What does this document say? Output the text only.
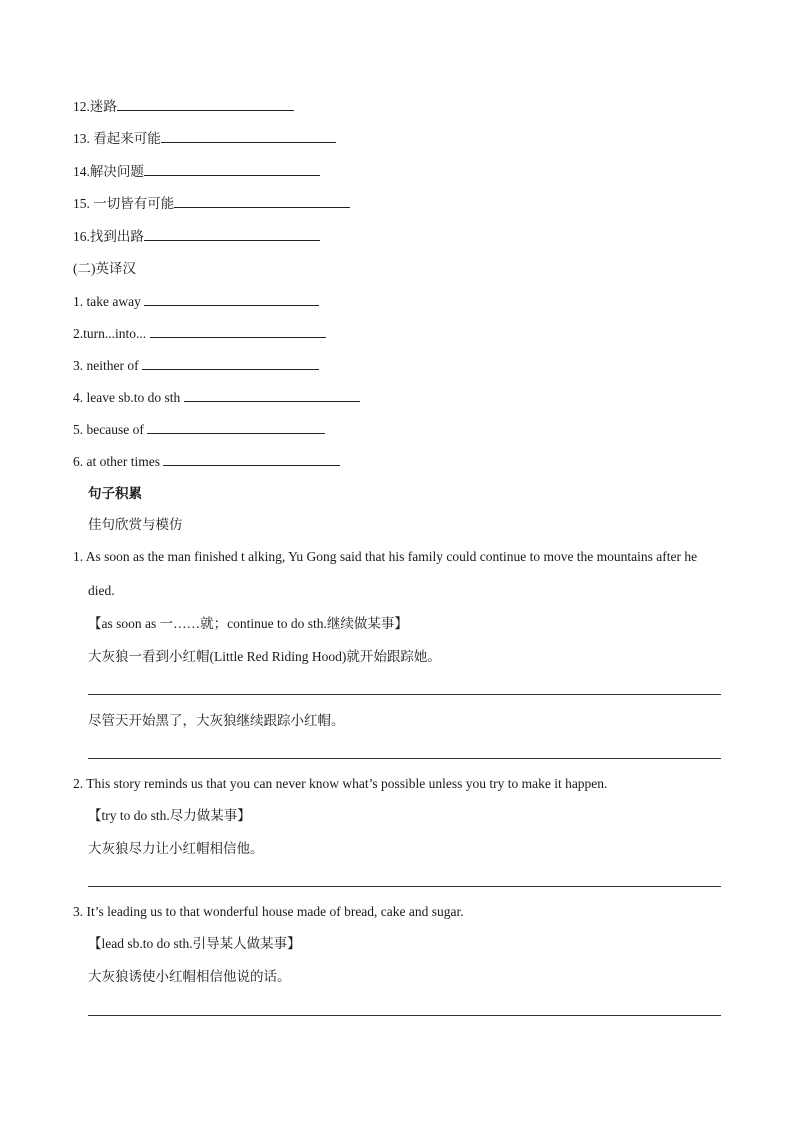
12.迷路
13. 看起来可能
14.解决问题
15. 一切皆有可能
16.找到出路
(二)英译汉
1. take away
2.turn...into...
3. neither of
4. leave sb.to do sth
5. because of
6. at other times
句子积累
佳句欣赏与模仿
1. As soon as the man finished t alking, Yu Gong said that his family could continue to move the mountains after he
died.
【as soon as 一……就；continue to do sth.继续做某事】
大灰狼一看到小红帽(Little Red Riding Hood)就开始跟踪她。
尽管天开始黑了，大灰狼继续跟踪小红帽。
2. This story reminds us that you can never know what’s possible unless you try to make it happen.
【try to do sth.尽力做某事】
大灰狼尽力让小红帽相信他。
3. It’s leading us to that wonderful house made of bread, cake and sugar.
【lead sb.to do sth.引导某人做某事】
大灰狼诱使小红帽相信他说的话。
